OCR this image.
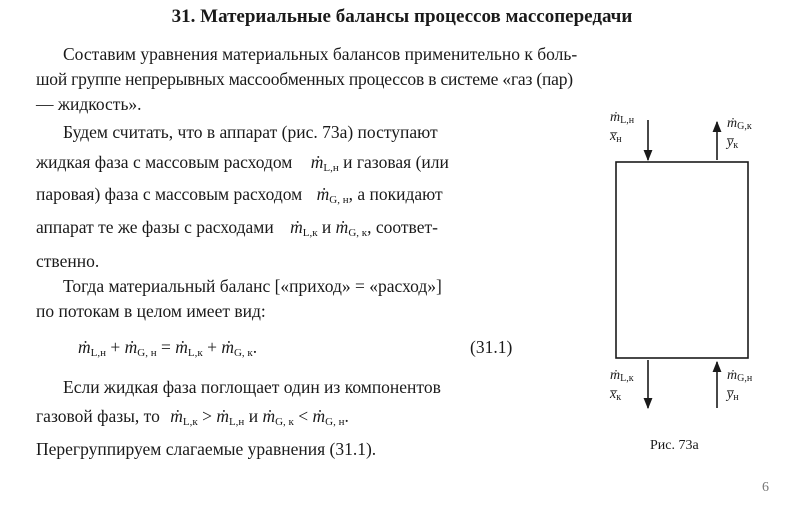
31. Материальные балансы процессов массопередачи
Составим уравнения материальных балансов применительно к боль-
шой группе непрерывных массообменных процессов в системе «газ (пар)
— жидкость».
Будем считать, что в аппарат (рис. 73а) поступают
жидкая фаза с массовым расходом ṁ$_{L,н}$ и газовая (или
паровая) фаза с массовым расходом ṁ$_{G, н}$, а покидают
аппарат те же фазы с расходами ṁ$_{L,к}$ и ṁ$_{G, к}$, соответ-
ственно.
Тогда материальный баланс [«приход» = «расход»]
по потокам в целом имеет вид:
ṁ$_{L,н}$ + ṁ$_{G, н}$ = ṁ$_{L,к}$ + ṁ$_{G, к}$.	(31.1)
Если жидкая фаза поглощает один из компонентов
газовой фазы, то ṁ$_{L,к}$ > ṁ$_{L,н}$ и ṁ$_{G, к}$ < ṁ$_{G, н}$.
Перегруппируем слагаемые уравнения (31.1).
ṁ$_{L,н}$
$x̅_н$
ṁ$_{G,к}$
$y̅_к$
ṁ$_{L,к}$
$x̅_к$
ṁ$_{G,н}$
$y̅_н$
Рис. 73а
6
